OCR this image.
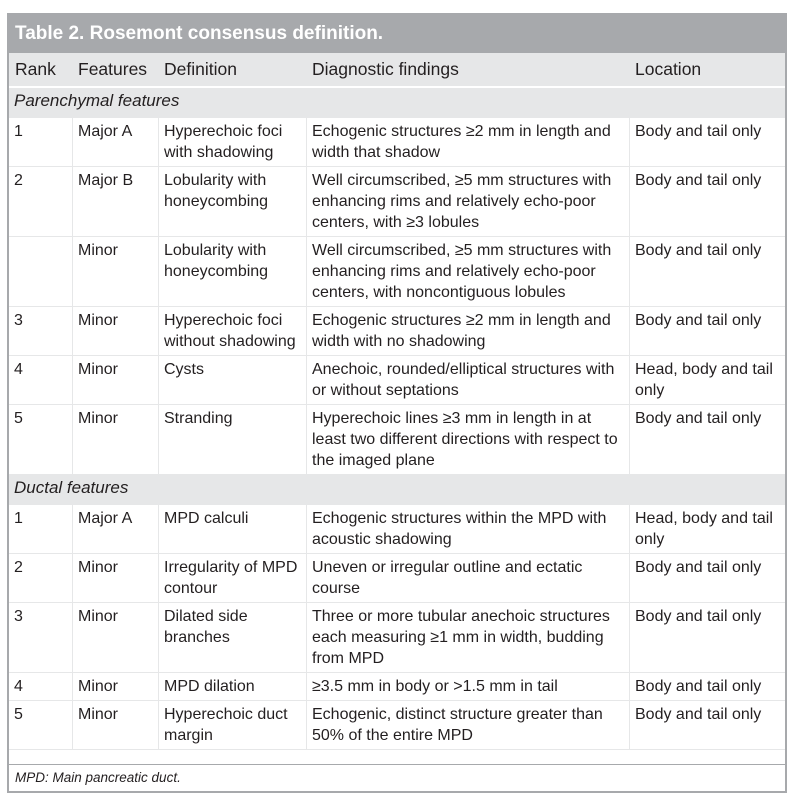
Table 2. Rosemont consensus definition.
Rank	Features	Definition	Diagnostic findings	Location
Parenchymal features				
1	Major A	Hyperechoic foci with shadowing	Echogenic structures ≥2 mm in length and width that shadow	Body and tail only
2	Major B	Lobularity with honeycombing	Well circumscribed, ≥5 mm structures with enhancing rims and relatively echo-poor centers, with ≥3 lobules	Body and tail only
	Minor	Lobularity with honeycombing	Well circumscribed, ≥5 mm structures with enhancing rims and relatively echo-poor centers, with noncontiguous lobules	Body and tail only
3	Minor	Hyperechoic foci without shadowing	Echogenic structures ≥2 mm in length and width with no shadowing	Body and tail only
4	Minor	Cysts	Anechoic, rounded/elliptical structures with or without septations	Head, body and tail only
5	Minor	Stranding	Hyperechoic lines ≥3 mm in length in at least two different directions with respect to the imaged plane	Body and tail only
Ductal features				
1	Major A	MPD calculi	Echogenic structures within the MPD with acoustic shadowing	Head, body and tail only
2	Minor	Irregularity of MPD contour	Uneven or irregular outline and ectatic course	Body and tail only
3	Minor	Dilated side branches	Three or more tubular anechoic structures each measuring ≥1 mm in width, budding from MPD	Body and tail only
4	Minor	MPD dilation	≥3.5 mm in body or >1.5 mm in tail	Body and tail only
5	Minor	Hyperechoic duct margin	Echogenic, distinct structure greater than 50% of the entire MPD	Body and tail only
MPD: Main pancreatic duct.
